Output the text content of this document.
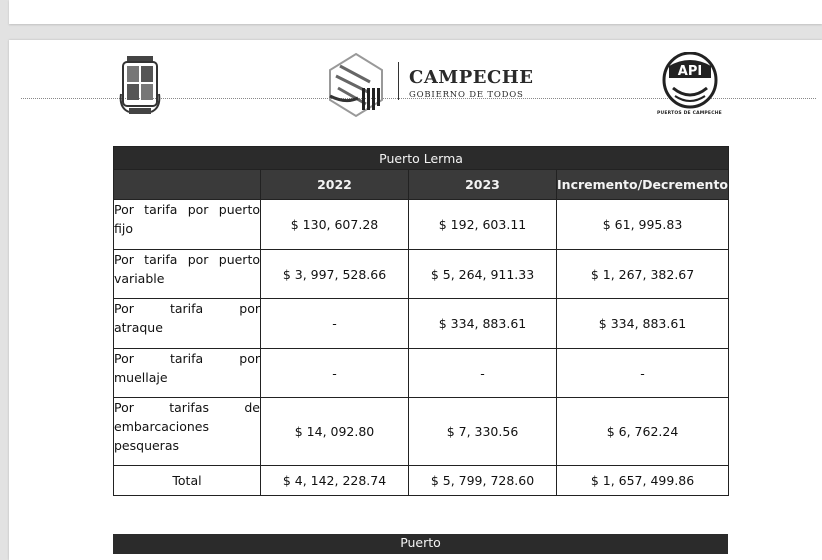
CAMPECHE
GOBIERNO DE TODOS
API
PUERTOS DE CAMPECHE
Puerto Lerma			
	2022	2023	Incremento/Decremento
Por tarifa por puerto
fijo	$ 130, 607.28	$ 192, 603.11	$ 61, 995.83
Por tarifa por puerto
variable	$ 3, 997, 528.66	$ 5, 264, 911.33	$ 1, 267, 382.67
Por tarifa por
atraque	-	$ 334, 883.61	$ 334, 883.61
Por tarifa por
muellaje	-	-	-
Por tarifas de
embarcaciones
pesqueras	$ 14, 092.80	$ 7, 330.56	$ 6, 762.24
Total	$ 4, 142, 228.74	$ 5, 799, 728.60	$ 1, 657, 499.86
Puerto
